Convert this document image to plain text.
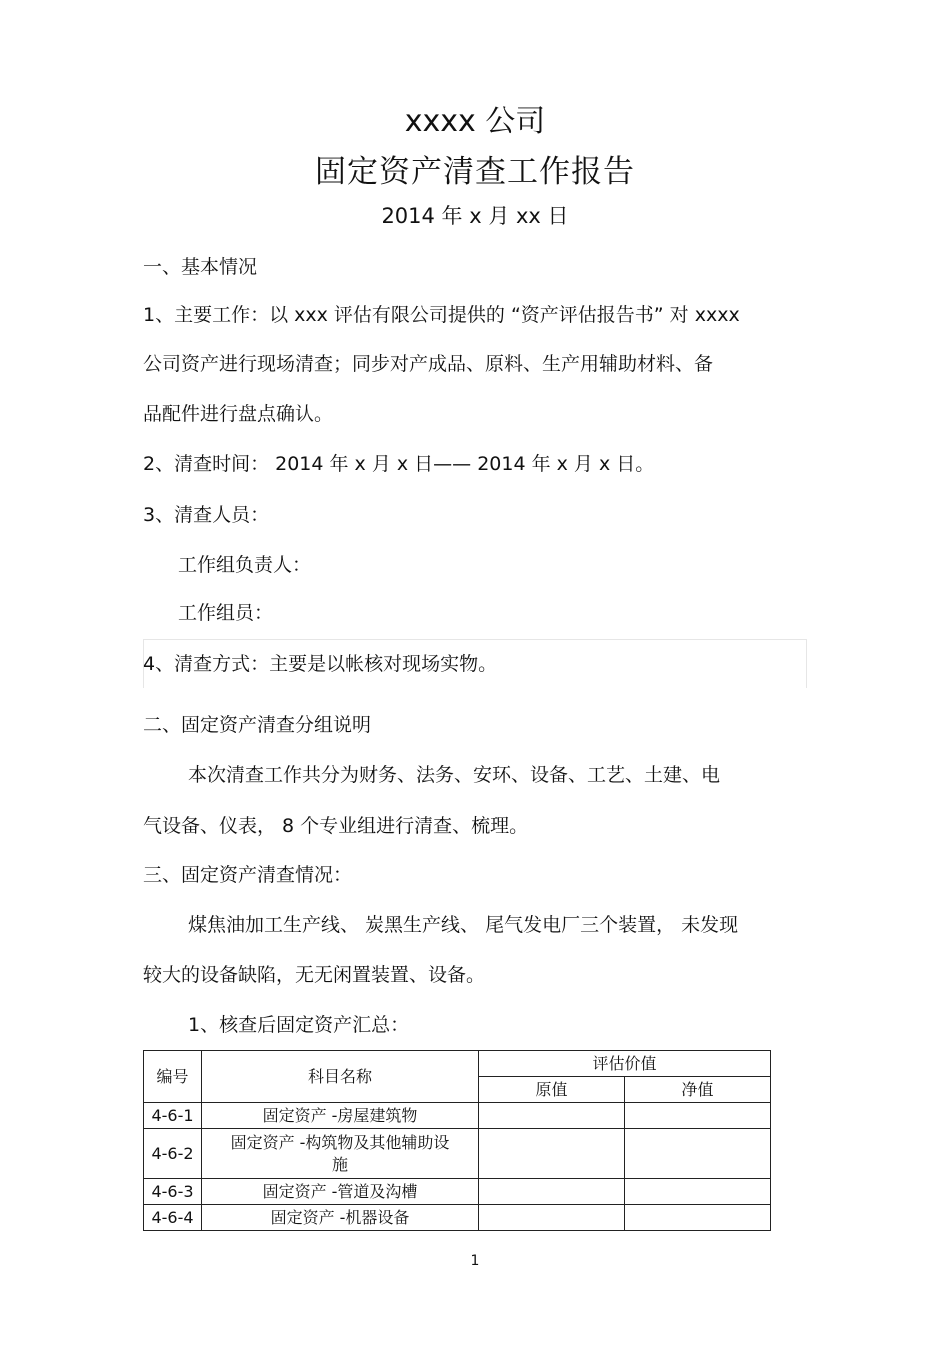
xxxx 公司
固定资产清查工作报告
2014 年 x 月 xx 日
一、基本情况
1、主要工作：以 xxx 评估有限公司提供的 “资产评估报告书” 对 xxxx
公司资产进行现场清查；同步对产成品、原料、生产用辅助材料、备
品配件进行盘点确认。
2、清查时间： 2014 年 x 月 x 日—— 2014 年 x 月 x 日。
3、清查人员：
工作组负责人：
工作组员：
4、清查方式：主要是以帐核对现场实物。
二、固定资产清查分组说明
本次清查工作共分为财务、法务、安环、设备、工艺、土建、电
气设备、仪表， 8 个专业组进行清查、梳理。
三、固定资产清查情况：
煤焦油加工生产线、 炭黑生产线、 尾气发电厂三个装置， 未发现
较大的设备缺陷，无无闲置装置、设备。
1、核查后固定资产汇总：
编号	科目名称	评估价值	
		原值	净值
4-6-1	固定资产 -房屋建筑物		
4-6-2	固定资产 -构筑物及其他辅助设
施		

4-6-3	固定资产 -管道及沟槽		
4-6-4	固定资产 -机器设备		
1
